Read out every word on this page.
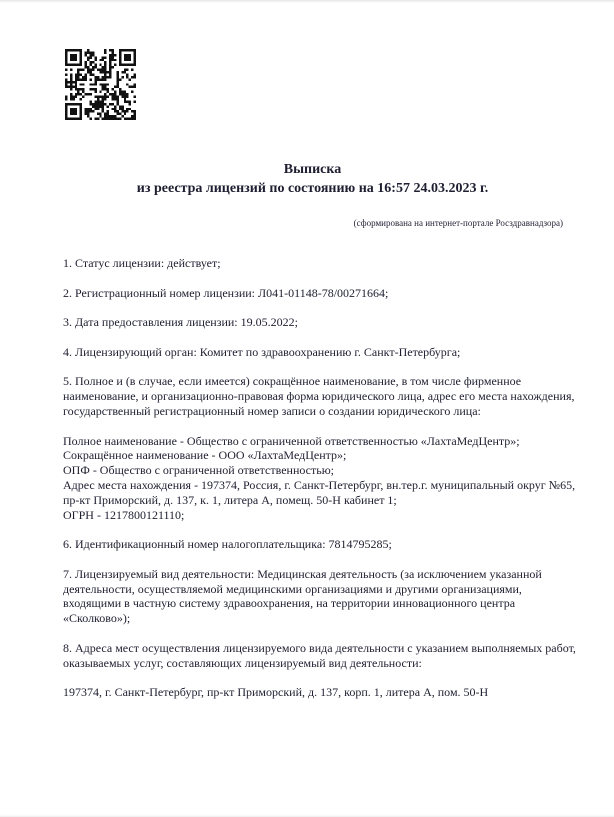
Выписка
из реестра лицензий по состоянию на 16:57 24.03.2023 г.
(сформирована на интернет-портале Росздравнадзора)

1. Статус лицензии: действует;

2. Регистрационный номер лицензии: Л041-01148-78/00271664;

3. Дата предоставления лицензии: 19.05.2022;

4. Лицензирующий орган: Комитет по здравоохранению г. Санкт-Петербурга;

5. Полное и (в случае, если имеется) сокращённое наименование, в том числе фирменное наименование, и организационно-правовая форма юридического лица, адрес его места нахождения, государственный регистрационный номер записи о создании юридического лица:

Полное наименование - Общество с ограниченной ответственностью «ЛахтаМедЦентр»;
Сокращённое наименование - ООО «ЛахтаМедЦентр»;
ОПФ - Общество с ограниченной ответственностью;
Адрес места нахождения - 197374, Россия, г. Санкт-Петербург, вн.тер.г. муниципальный округ №65, пр-кт Приморский, д. 137, к. 1, литера А, помещ. 50-Н кабинет 1;
ОГРН - 1217800121110;

6. Идентификационный номер налогоплательщика: 7814795285;

7. Лицензируемый вид деятельности: Медицинская деятельность (за исключением указанной деятельности, осуществляемой медицинскими организациями и другими организациями, входящими в частную систему здравоохранения, на территории инновационного центра «Сколково»);

8. Адреса мест осуществления лицензируемого вида деятельности с указанием выполняемых работ, оказываемых услуг, составляющих лицензируемый вид деятельности:

197374, г. Санкт-Петербург, пр-кт Приморский, д. 137, корп. 1, литера А, пом. 50-Н
